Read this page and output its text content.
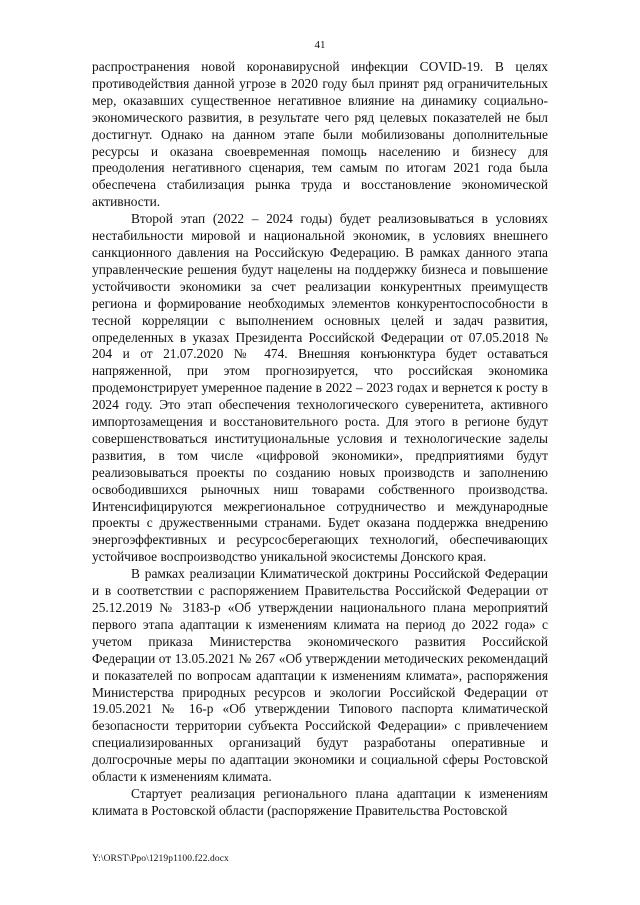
41

распространения новой коронавирусной инфекции COVID-19. В целях противодействия данной угрозе в 2020 году был принят ряд ограничительных мер, оказавших существенное негативное влияние на динамику социально-экономического развития, в результате чего ряд целевых показателей не был достигнут. Однако на данном этапе были мобилизованы дополнительные ресурсы и оказана своевременная помощь населению и бизнесу для преодоления негативного сценария, тем самым по итогам 2021 года была обеспечена стабилизация рынка труда и восстановление экономической активности.

Второй этап (2022 – 2024 годы) будет реализовываться в условиях нестабильности мировой и национальной экономик, в условиях внешнего санкционного давления на Российскую Федерацию. В рамках данного этапа управленческие решения будут нацелены на поддержку бизнеса и повышение устойчивости экономики за счет реализации конкурентных преимуществ региона и формирование необходимых элементов конкурентоспособности в тесной корреляции с выполнением основных целей и задач развития, определенных в указах Президента Российской Федерации от 07.05.2018 № 204 и от 21.07.2020 № 474. Внешняя конъюнктура будет оставаться напряженной, при этом прогнозируется, что российская экономика продемонстрирует умеренное падение в 2022 – 2023 годах и вернется к росту в 2024 году. Это этап обеспечения технологического суверенитета, активного импортозамещения и восстановительного роста. Для этого в регионе будут совершенствоваться институциональные условия и технологические заделы развития, в том числе «цифровой экономики», предприятиями будут реализовываться проекты по созданию новых производств и заполнению освободившихся рыночных ниш товарами собственного производства. Интенсифицируются межрегиональное сотрудничество и международные проекты с дружественными странами. Будет оказана поддержка внедрению энергоэффективных и ресурсосберегающих технологий, обеспечивающих устойчивое воспроизводство уникальной экосистемы Донского края.

В рамках реализации Климатической доктрины Российской Федерации и в соответствии с распоряжением Правительства Российской Федерации от 25.12.2019 № 3183-р «Об утверждении национального плана мероприятий первого этапа адаптации к изменениям климата на период до 2022 года» с учетом приказа Министерства экономического развития Российской Федерации от 13.05.2021 № 267 «Об утверждении методических рекомендаций и показателей по вопросам адаптации к изменениям климата», распоряжения Министерства природных ресурсов и экологии Российской Федерации от 19.05.2021 № 16-р «Об утверждении Типового паспорта климатической безопасности территории субъекта Российской Федерации» с привлечением специализированных организаций будут разработаны оперативные и долгосрочные меры по адаптации экономики и социальной сферы Ростовской области к изменениям климата.

Стартует реализация регионального плана адаптации к изменениям климата в Ростовской области (распоряжение Правительства Ростовской

Y:\ORST\Ppo\1219p1100.f22.docx
